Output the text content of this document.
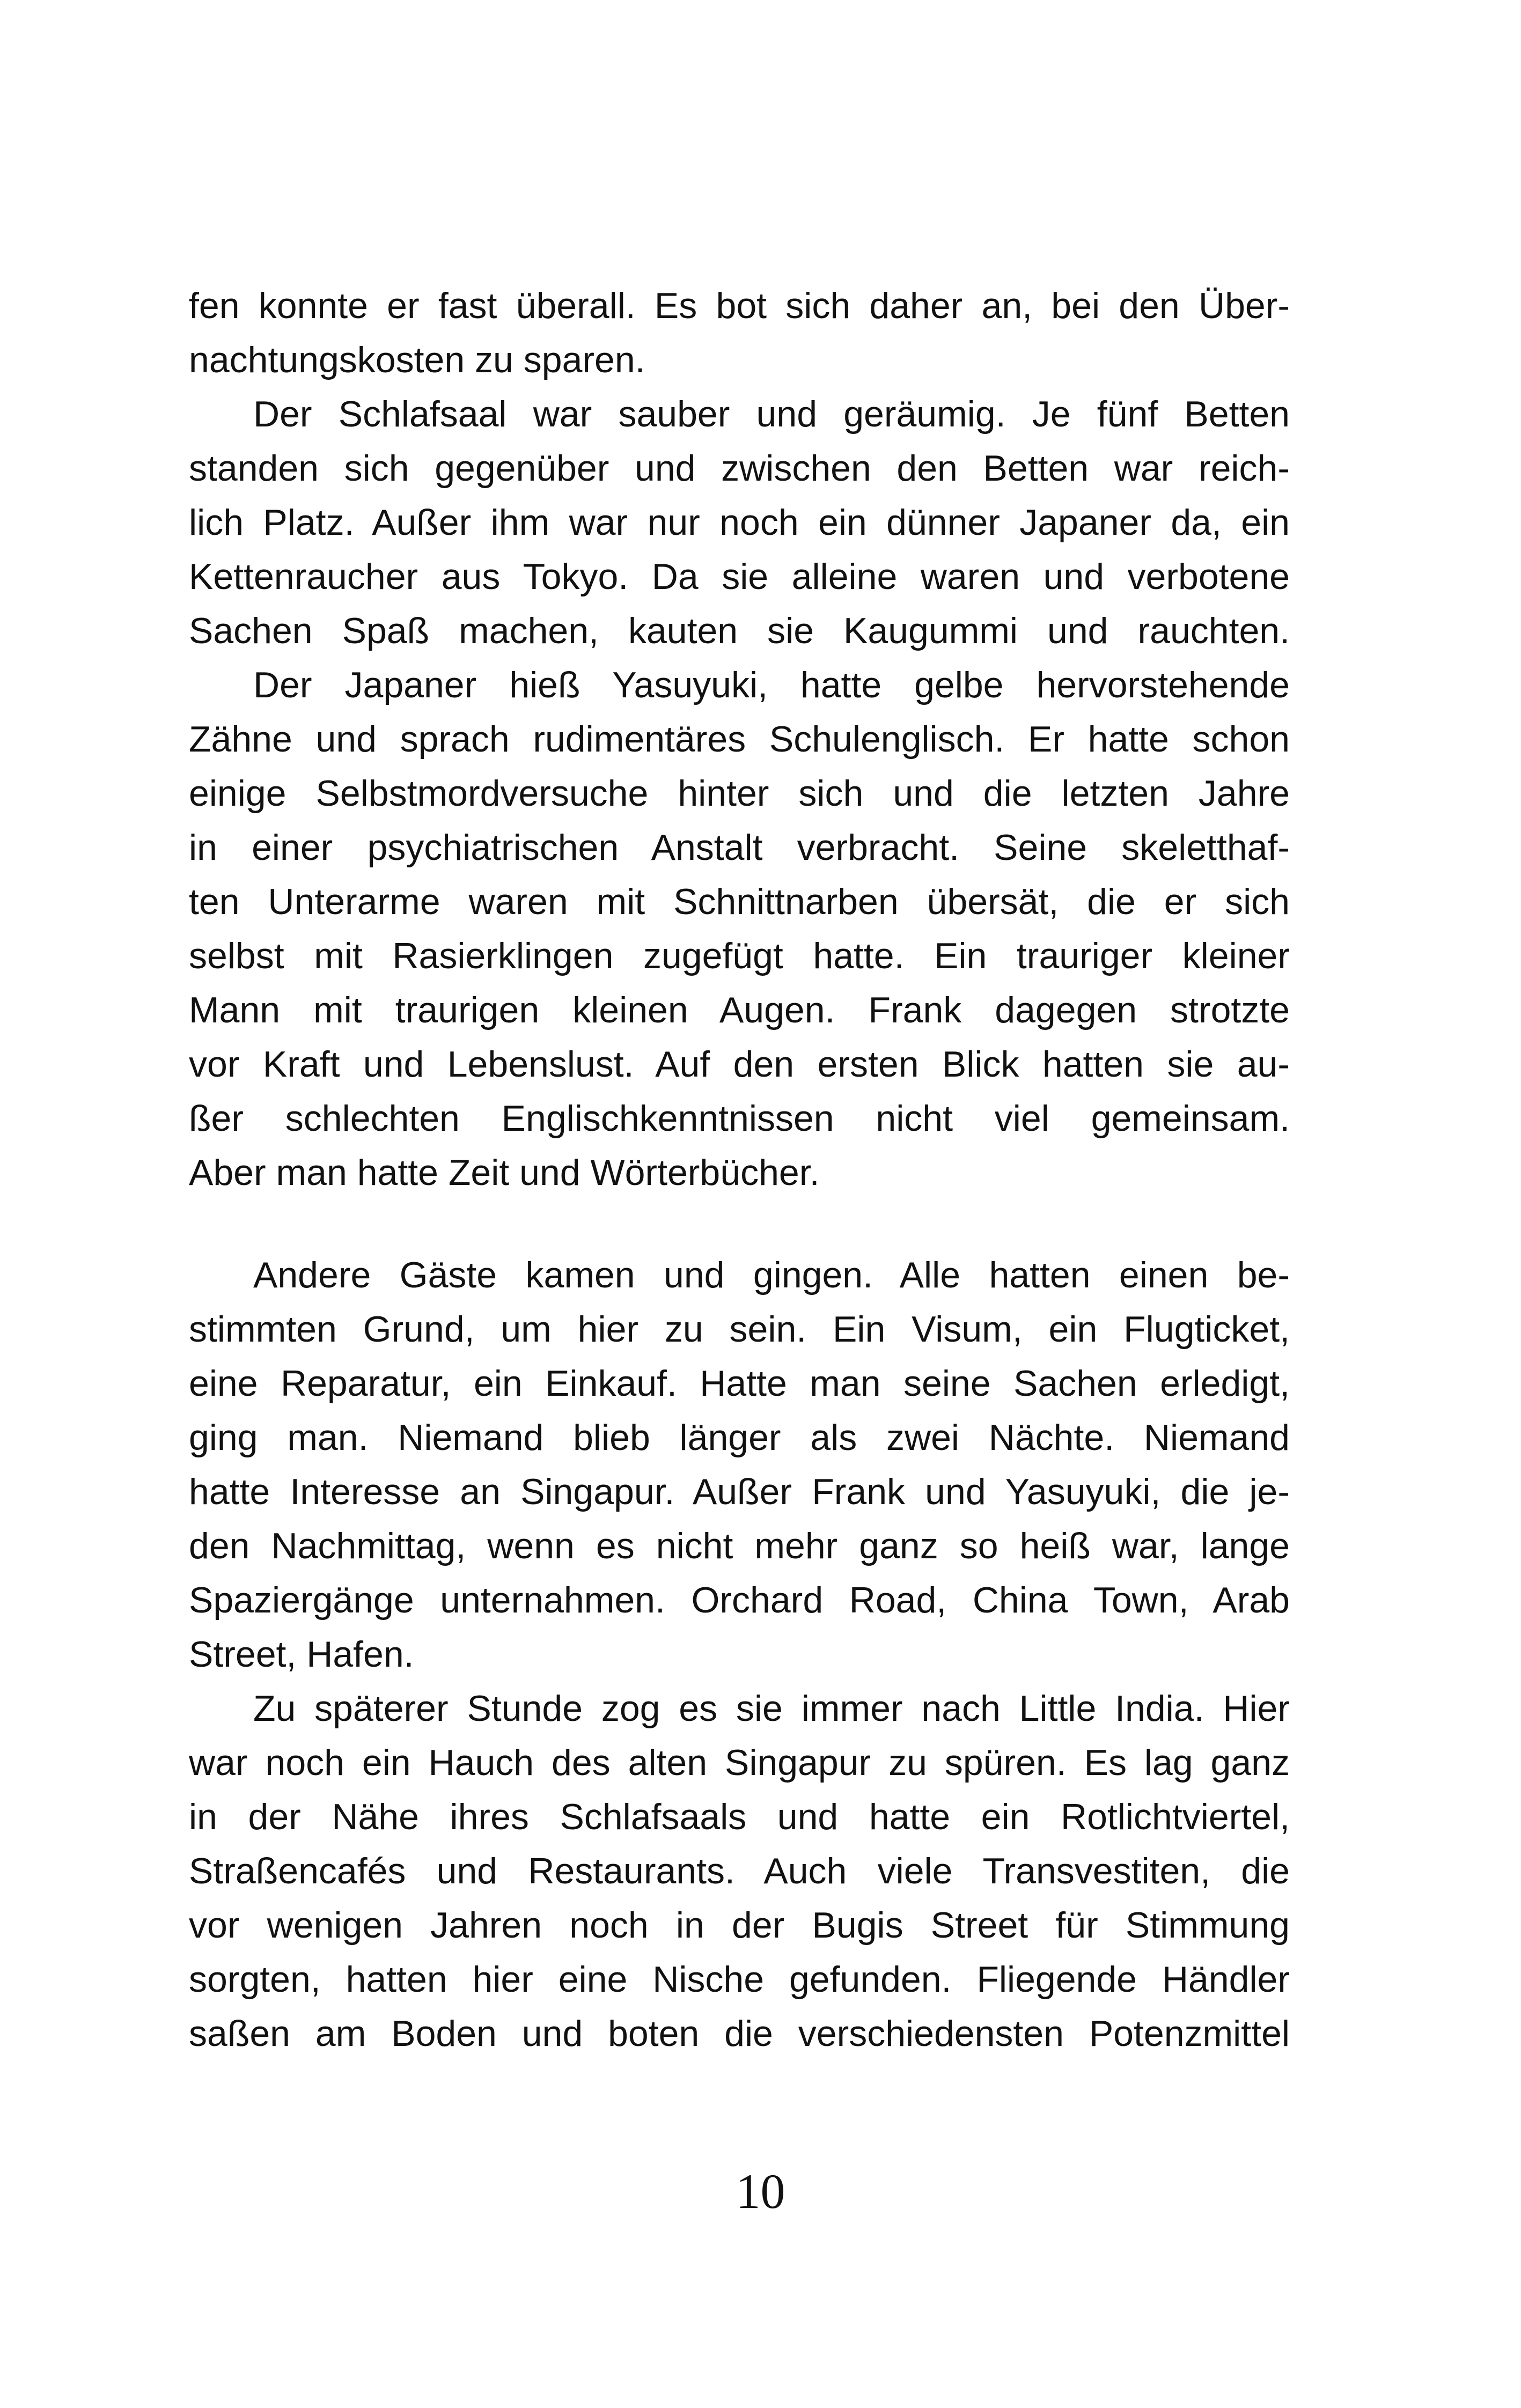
fen konnte er fast überall. Es bot sich daher an, bei den Über-
nachtungskosten zu sparen.
Der Schlafsaal war sauber und geräumig. Je fünf Betten
standen sich gegenüber und zwischen den Betten war reich-
lich Platz. Außer ihm war nur noch ein dünner Japaner da, ein
Kettenraucher aus Tokyo. Da sie alleine waren und verbotene
Sachen Spaß machen, kauten sie Kaugummi und rauchten.
Der Japaner hieß Yasuyuki, hatte gelbe hervorstehende
Zähne und sprach rudimentäres Schulenglisch. Er hatte schon
einige Selbstmordversuche hinter sich und die letzten Jahre
in einer psychiatrischen Anstalt verbracht. Seine skeletthaf-
ten Unterarme waren mit Schnittnarben übersät, die er sich
selbst mit Rasierklingen zugefügt hatte. Ein trauriger kleiner
Mann mit traurigen kleinen Augen. Frank dagegen strotzte
vor Kraft und Lebenslust. Auf den ersten Blick hatten sie au-
ßer schlechten Englischkenntnissen nicht viel gemeinsam.
Aber man hatte Zeit und Wörterbücher.
Andere Gäste kamen und gingen. Alle hatten einen be-
stimmten Grund, um hier zu sein. Ein Visum, ein Flugticket,
eine Reparatur, ein Einkauf. Hatte man seine Sachen erledigt,
ging man. Niemand blieb länger als zwei Nächte. Niemand
hatte Interesse an Singapur. Außer Frank und Yasuyuki, die je-
den Nachmittag, wenn es nicht mehr ganz so heiß war, lange
Spaziergänge unternahmen. Orchard Road, China Town, Arab
Street, Hafen.
Zu späterer Stunde zog es sie immer nach Little India. Hier
war noch ein Hauch des alten Singapur zu spüren. Es lag ganz
in der Nähe ihres Schlafsaals und hatte ein Rotlichtviertel,
Straßencafés und Restaurants. Auch viele Transvestiten, die
vor wenigen Jahren noch in der Bugis Street für Stimmung
sorgten, hatten hier eine Nische gefunden. Fliegende Händler
saßen am Boden und boten die verschiedensten Potenzmittel
10
